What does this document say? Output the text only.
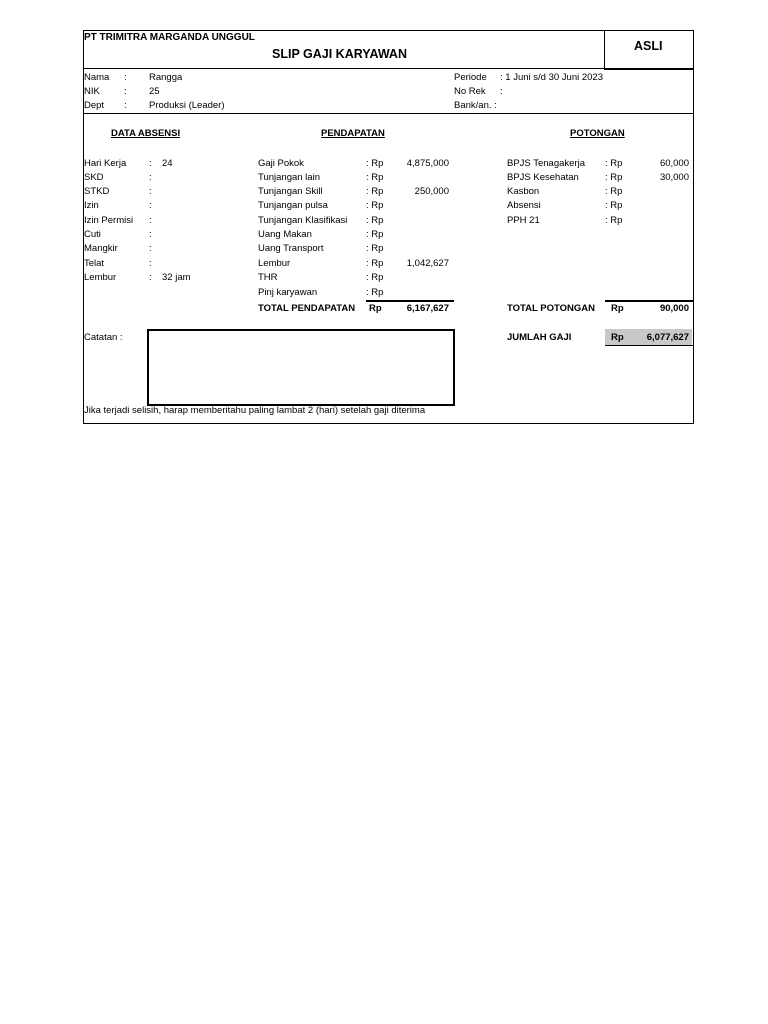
PT TRIMITRA MARGANDA UNGGUL
SLIP GAJI KARYAWAN
ASLI
Nama : Rangga
NIK	: 25
Dept : Produksi (Leader)
Periode : 1 Juni s/d 30 Juni 2023
No Rek :
Bank/an. :
DATA ABSENSI	PENDAPATAN	POTONGAN
Hari Kerja : 24
SKD	:
STKD	:
Izin	:
Izin Permisi :
Cuti	:
Mangkir	:
Telat	:
Lembur	: 32 jam
Gaji Pokok	: Rp	4,875,000
Tunjangan lain	: Rp
Tunjangan Skill	: Rp	250,000
Tunjangan pulsa	: Rp
Tunjangan Klasifikasi : Rp
Uang Makan	: Rp
Uang Transport	: Rp
Lembur	: Rp	1,042,627
THR	: Rp
Pinj karyawan	: Rp
BPJS Tenagakerja : Rp	60,000
BPJS Kesehatan	: Rp	30,000
Kasbon	: Rp
Absensi	: Rp
PPH 21	: Rp
TOTAL PENDAPATAN Rp	6,167,627	TOTAL POTONGAN Rp	90,000
JUMLAH GAJI	Rp	6,077,627
Catatan :
Jika terjadi selisih, harap memberitahu paling lambat 2 (hari) setelah gaji diterima
